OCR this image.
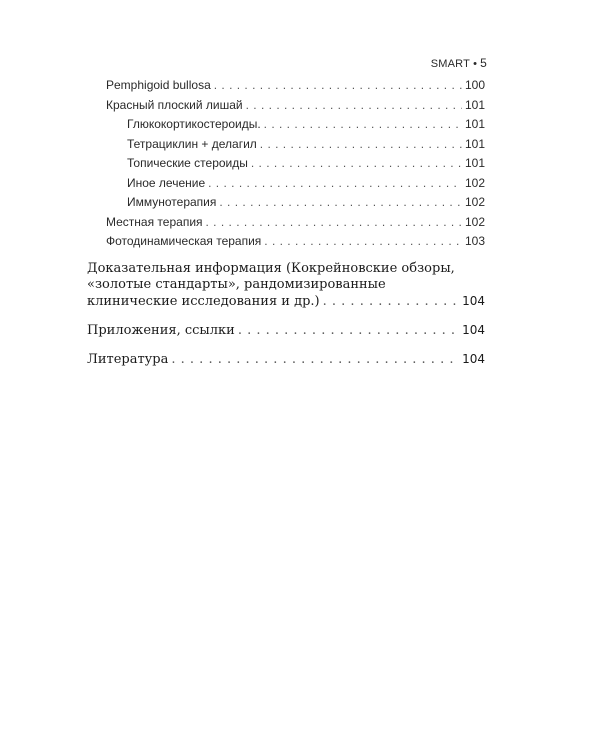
SMART • 5
Pemphigoid bullosa . . .	100
Красный плоский лишай . . .	101
Глюкокортикостероиды. . . .	101
Тетрациклин + делагил . . .	101
Топические стероиды . . .	101
Иное лечение . . .	102
Иммунотерапия . . .	102
Местная терапия . . .	102
Фотодинамическая терапия . . .	103
Доказательная информация (Кокрейновские обзоры,
«золотые стандарты», рандомизированные
клинические исследования и др.) . . .	104
Приложения, ссылки . . .	104
Литература . . .	104
